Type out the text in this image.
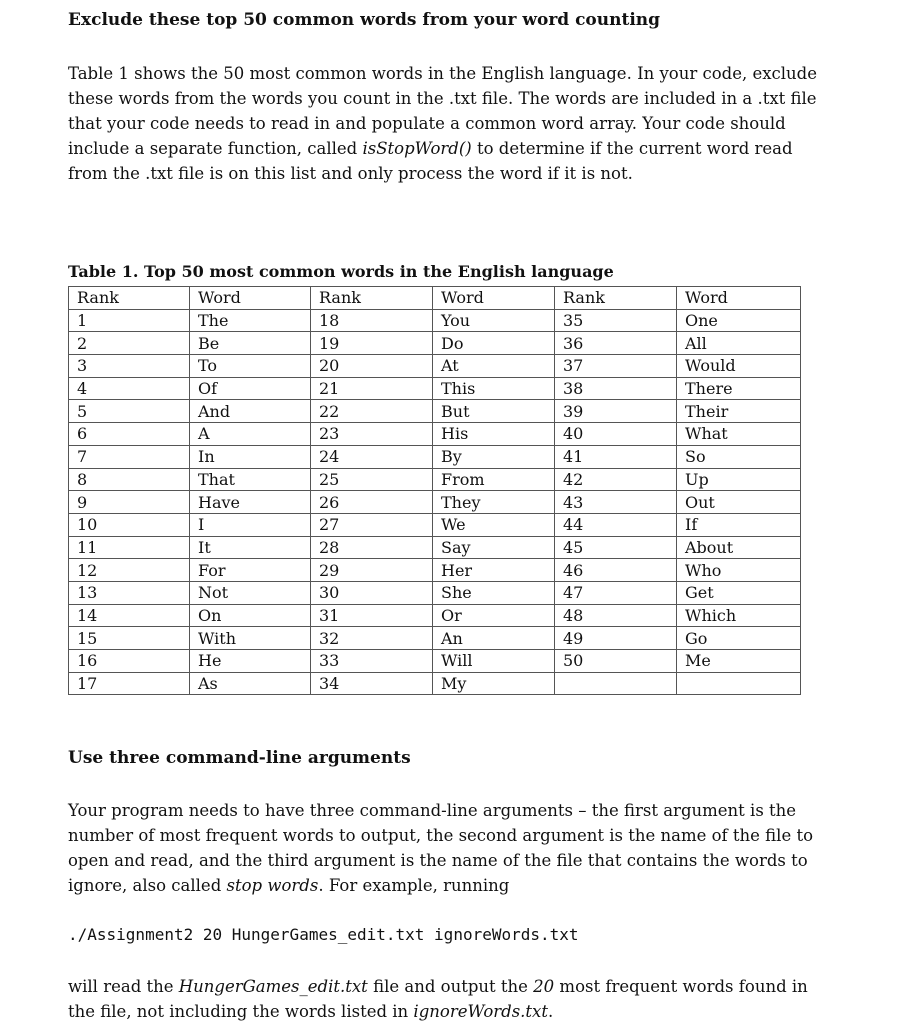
Exclude these top 50 common words from your word counting

Table 1 shows the 50 most common words in the English language. In your code, exclude these words from the words you count in the .txt file. The words are included in a .txt file that your code needs to read in and populate a common word array. Your code should include a separate function, called isStopWord() to determine if the current word read from the .txt file is on this list and only process the word if it is not.

Table 1. Top 50 most common words in the English language

Rank	Word	Rank	Word	Rank	Word
1	The	18	You	35	One
2	Be	19	Do	36	All
3	To	20	At	37	Would
4	Of	21	This	38	There
5	And	22	But	39	Their
6	A	23	His	40	What
7	In	24	By	41	So
8	That	25	From	42	Up
9	Have	26	They	43	Out
10	I	27	We	44	If
11	It	28	Say	45	About
12	For	29	Her	46	Who
13	Not	30	She	47	Get
14	On	31	Or	48	Which
15	With	32	An	49	Go
16	He	33	Will	50	Me
17	As	34	My		
Use three command-line arguments

Your program needs to have three command-line arguments – the first argument is the number of most frequent words to output, the second argument is the name of the file to open and read, and the third argument is the name of the file that contains the words to ignore, also called stop words. For example, running

./Assignment2 20 HungerGames_edit.txt ignoreWords.txt

will read the HungerGames_edit.txt file and output the 20 most frequent words found in the file, not including the words listed in ignoreWords.txt.
